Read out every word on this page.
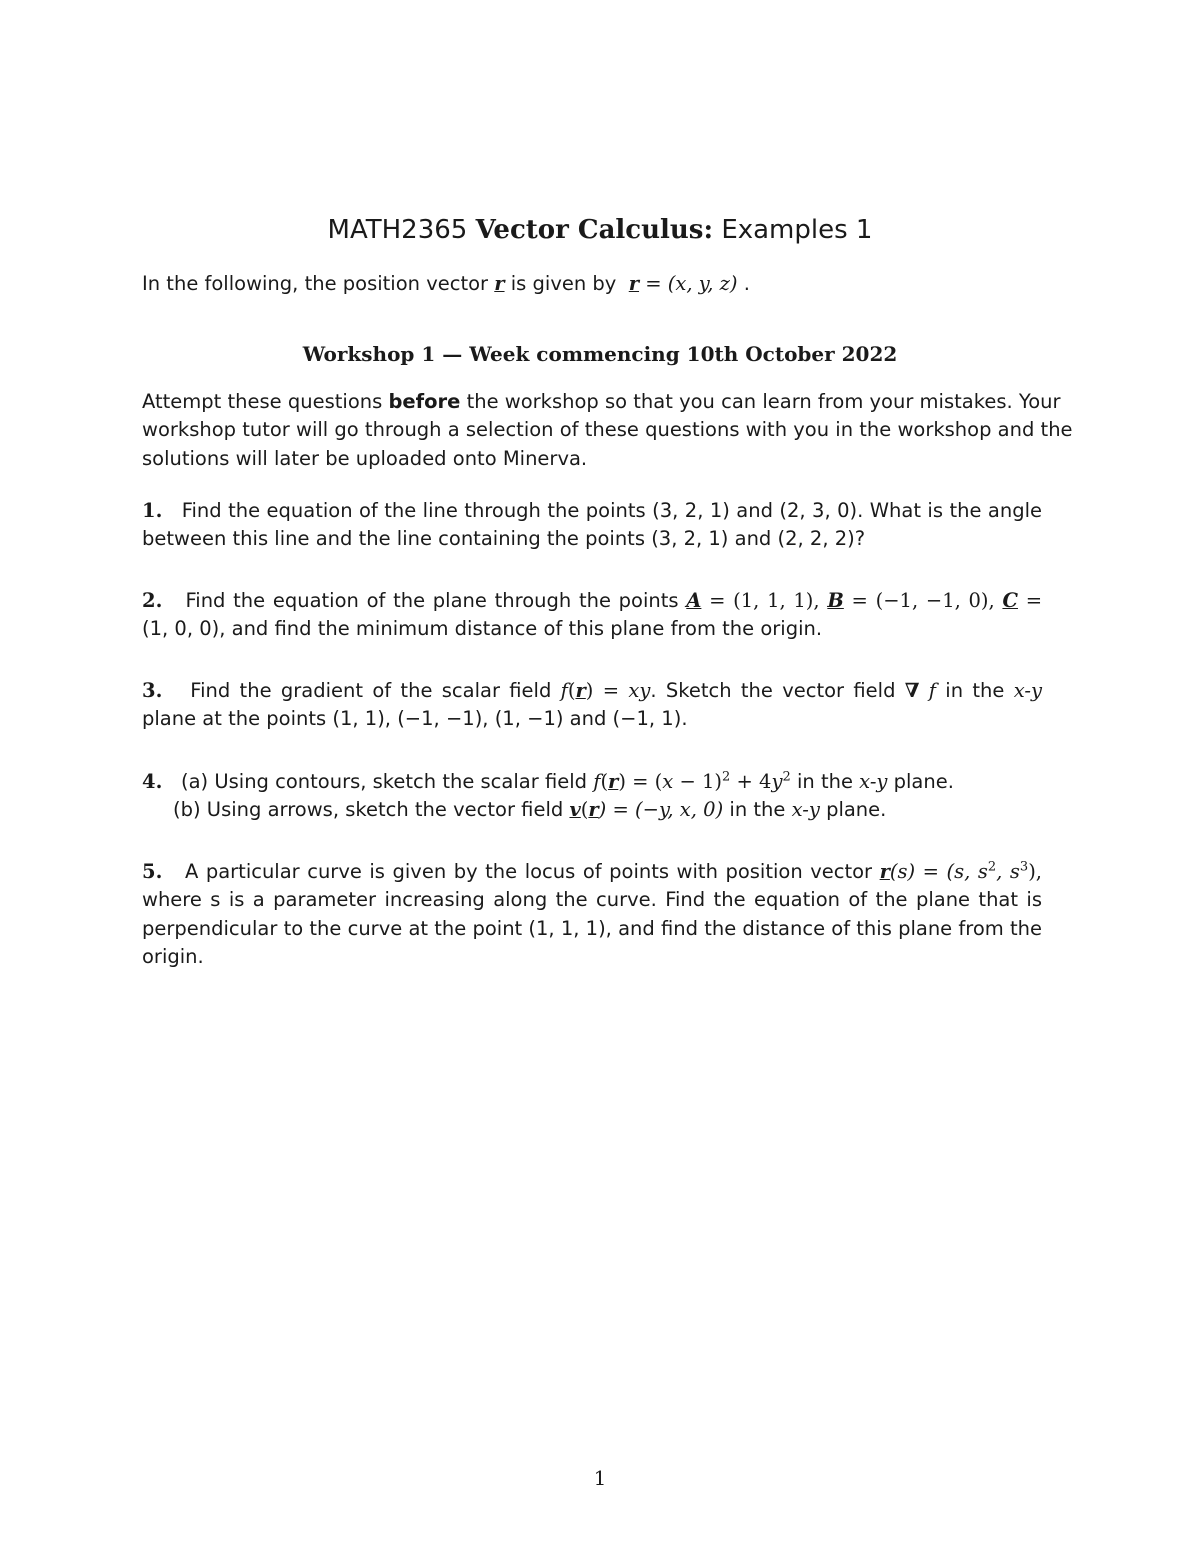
MATH2365 Vector Calculus: Examples 1
In the following, the position vector r is given by r = (x, y, z) .
Workshop 1 — Week commencing 10th October 2022
Attempt these questions before the workshop so that you can learn from your mistakes. Your
workshop tutor will go through a selection of these questions with you in the workshop and the
solutions will later be uploaded onto Minerva.
1. Find the equation of the line through the points (3, 2, 1) and (2, 3, 0). What is the angle
between this line and the line containing the points (3, 2, 1) and (2, 2, 2)?
2. Find the equation of the plane through the points A = (1, 1, 1), B = (−1, −1, 0), C =
(1, 0, 0), and find the minimum distance of this plane from the origin.
3. Find the gradient of the scalar field f(r) = xy. Sketch the vector field ∇ f in the x-y
plane at the points (1, 1), (−1, −1), (1, −1) and (−1, 1).
4. (a) Using contours, sketch the scalar field $f(r) = (x - 1)^2 + 4y^2$ in the x-y plane.
(b) Using arrows, sketch the vector field v(r) = (−y, x, 0) in the x-y plane.
5. A particular curve is given by the locus of points with position vector r(s) = (s, $s^2$, $s^3$),
where s is a parameter increasing along the curve. Find the equation of the plane that is
perpendicular to the curve at the point (1, 1, 1), and find the distance of this plane from the
origin.
1
